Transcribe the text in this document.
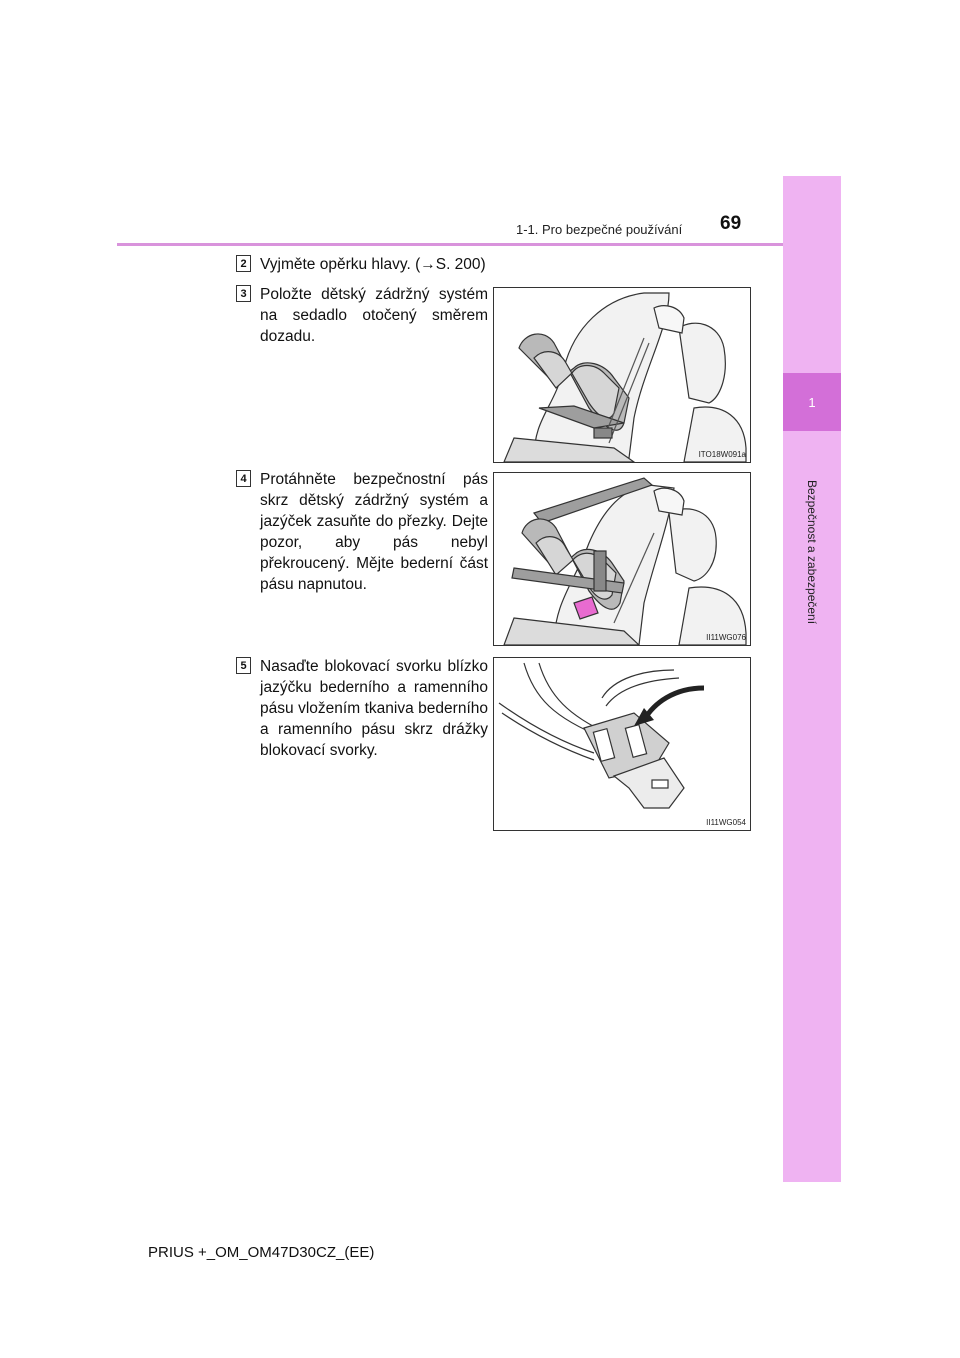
1-1. Pro bezpečné používání 69
1
Bezpečnost a zabezpečení
2 Vyjměte opěrku hlavy. (→S. 200)
3 Položte dětský zádržný systém na sedadlo otočený směrem dozadu.
ITO18W091a
4 Protáhněte bezpečnostní pás skrz dětský zádržný systém a jazýček zasuňte do přezky. Dejte pozor, aby pás nebyl překroucený. Mějte bederní část pásu napnutou.
II11WG076
5 Nasaďte blokovací svorku blízko jazýčku bederního a ramenního pásu vložením tkaniva bederního a ramenního pásu skrz drážky blokovací svorky.
II11WG054
PRIUS +_OM_OM47D30CZ_(EE)
